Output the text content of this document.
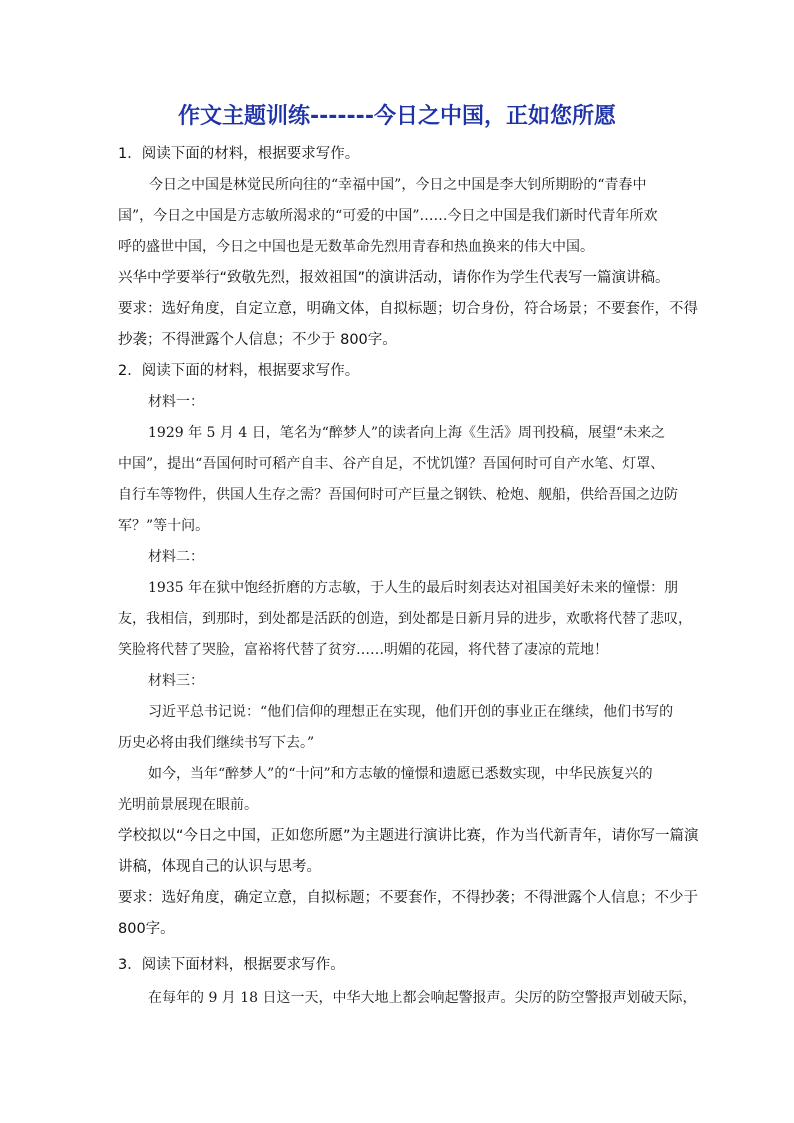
作文主题训练-------今日之中国，正如您所愿
1．阅读下面的材料，根据要求写作。
今日之中国是林觉民所向往的“幸福中国”，今日之中国是李大钊所期盼的“青春中
国”，今日之中国是方志敏所渴求的“可爱的中国”……今日之中国是我们新时代青年所欢
呼的盛世中国，今日之中国也是无数革命先烈用青春和热血换来的伟大中国。
兴华中学要举行“致敬先烈，报效祖国”的演讲活动，请你作为学生代表写一篇演讲稿。
要求：选好角度，自定立意，明确文体，自拟标题；切合身份，符合场景；不要套作，不得
抄袭；不得泄露个人信息；不少于 800字。
2．阅读下面的材料，根据要求写作。
材料一：
1929 年 5 月 4 日，笔名为“醉梦人”的读者向上海《生活》周刊投稿，展望“未来之
中国”，提出“吾国何时可稻产自丰、谷产自足，不忧饥馑？吾国何时可自产水笔、灯罩、
自行车等物件，供国人生存之需？吾国何时可产巨量之钢铁、枪炮、舰船，供给吾国之边防
军？”等十问。
材料二：
1935 年在狱中饱经折磨的方志敏，于人生的最后时刻表达对祖国美好未来的憧憬：朋
友，我相信，到那时，到处都是活跃的创造，到处都是日新月异的进步，欢歌将代替了悲叹，
笑脸将代替了哭脸，富裕将代替了贫穷……明媚的花园，将代替了凄凉的荒地！
材料三：
习近平总书记说：“他们信仰的理想正在实现，他们开创的事业正在继续，他们书写的
历史必将由我们继续书写下去。”
如今，当年“醉梦人”的“十问”和方志敏的憧憬和遗愿已悉数实现，中华民族复兴的
光明前景展现在眼前。
学校拟以“今日之中国，正如您所愿”为主题进行演讲比赛，作为当代新青年，请你写一篇演
讲稿，体现自己的认识与思考。
要求：选好角度，确定立意，自拟标题；不要套作，不得抄袭；不得泄露个人信息；不少于
800字。
3．阅读下面材料，根据要求写作。
在每年的 9 月 18 日这一天，中华大地上都会响起警报声。尖厉的防空警报声划破天际，
